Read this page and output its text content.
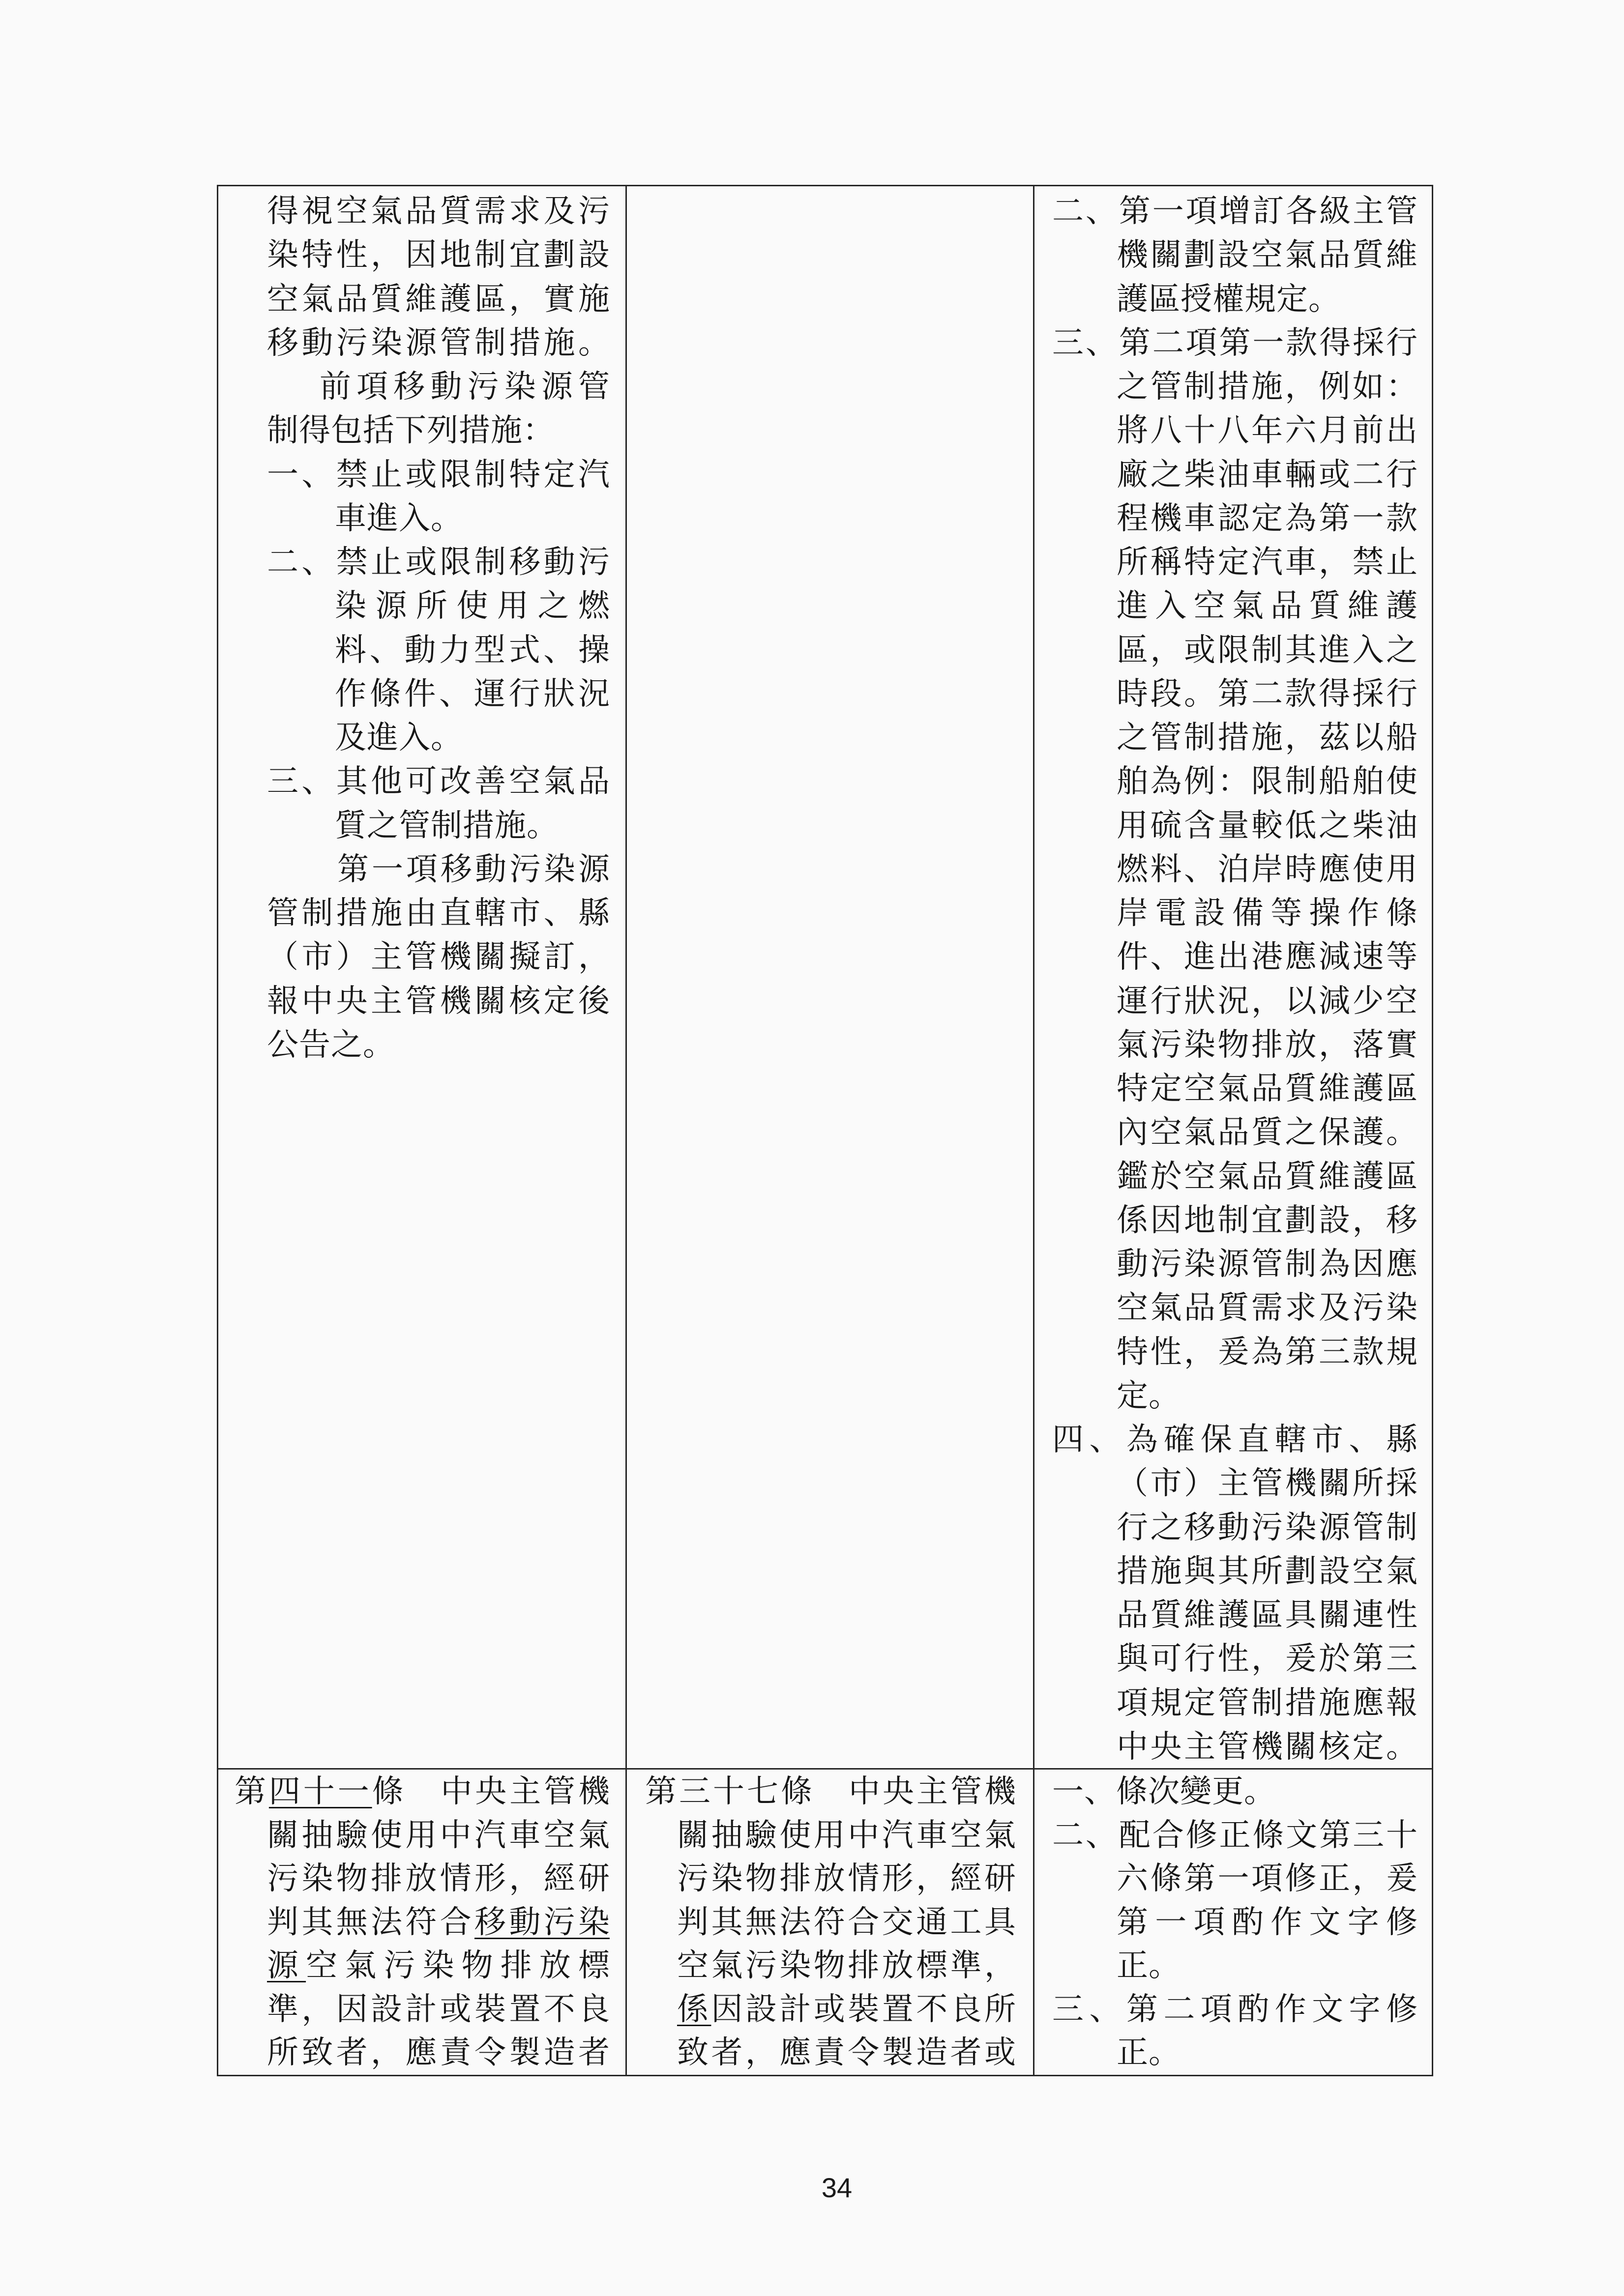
得視空氣品質需求及污
染特性，因地制宜劃設
空氣品質維護區，實施
移動污染源管制措施。
前項移動污染源管
制得包括下列措施：
一、禁止或限制特定汽
車進入。
二、禁止或限制移動污
染源所使用之燃
料、動力型式、操
作條件、運行狀況
及進入。
三、其他可改善空氣品
質之管制措施。
第一項移動污染源
管制措施由直轄市、縣
（市）主管機關擬訂，
報中央主管機關核定後
公告之。
二、第一項增訂各級主管
機關劃設空氣品質維
護區授權規定。
三、第二項第一款得採行
之管制措施，例如：
將八十八年六月前出
廠之柴油車輛或二行
程機車認定為第一款
所稱特定汽車，禁止
進入空氣品質維護
區，或限制其進入之
時段。第二款得採行
之管制措施，茲以船
舶為例：限制船舶使
用硫含量較低之柴油
燃料、泊岸時應使用
岸電設備等操作條
件、進出港應減速等
運行狀況，以減少空
氣污染物排放，落實
特定空氣品質維護區
內空氣品質之保護。
鑑於空氣品質維護區
係因地制宜劃設，移
動污染源管制為因應
空氣品質需求及污染
特性，爰為第三款規
定。
四、為確保直轄市、縣
（市）主管機關所採
行之移動污染源管制
措施與其所劃設空氣
品質維護區具關連性
與可行性，爰於第三
項規定管制措施應報
中央主管機關核定。
第四十一條　中央主管機
關抽驗使用中汽車空氣
污染物排放情形，經研
判其無法符合移動污染
源空氣污染物排放標
準，因設計或裝置不良
所致者，應責令製造者
第三十七條　中央主管機
關抽驗使用中汽車空氣
污染物排放情形，經研
判其無法符合交通工具
空氣污染物排放標準，
係因設計或裝置不良所
致者，應責令製造者或
一、條次變更。
二、配合修正條文第三十
六條第一項修正，爰
第一項酌作文字修
正。
三、第二項酌作文字修
正。
34
